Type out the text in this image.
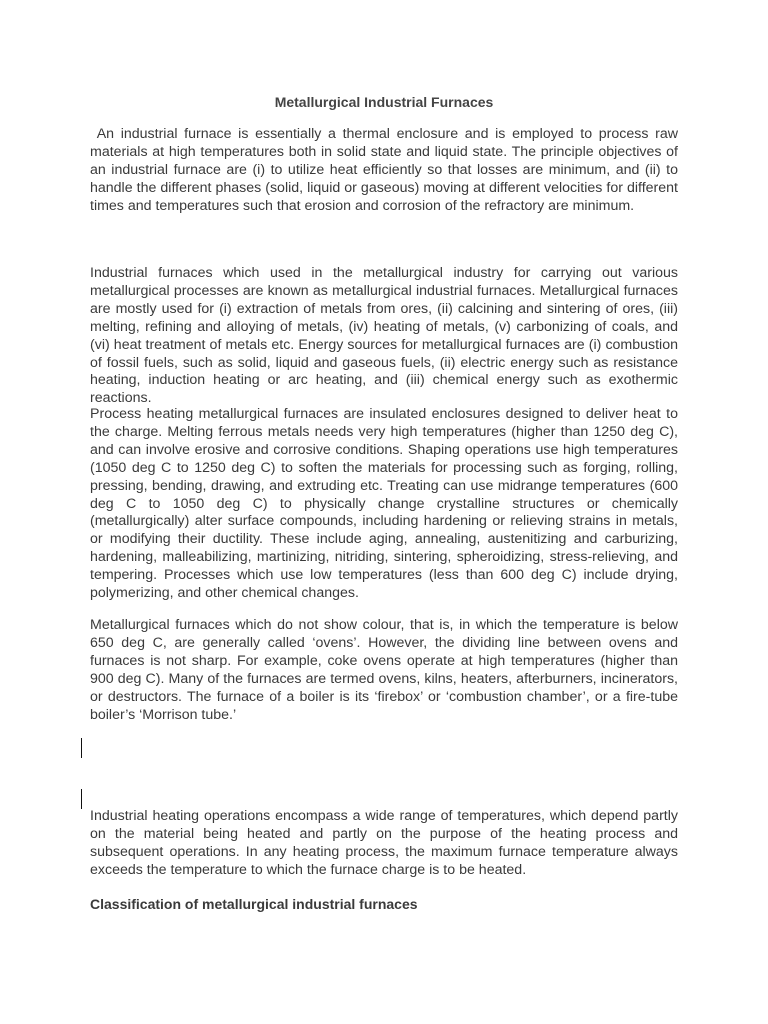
Metallurgical Industrial Furnaces

An industrial furnace is essentially a thermal enclosure and is employed to process raw materials at high temperatures both in solid state and liquid state. The principle objectives of an industrial furnace are (i) to utilize heat efficiently so that losses are minimum, and (ii) to handle the different phases (solid, liquid or gaseous) moving at different velocities for different times and temperatures such that erosion and corrosion of the refractory are minimum.

Industrial furnaces which used in the metallurgical industry for carrying out various metallurgical processes are known as metallurgical industrial furnaces. Metallurgical furnaces are mostly used for (i) extraction of metals from ores, (ii) calcining and sintering of ores, (iii) melting, refining and alloying of metals, (iv) heating of metals, (v) carbonizing of coals, and (vi) heat treatment of metals etc. Energy sources for metallurgical furnaces are (i) combustion of fossil fuels, such as solid, liquid and gaseous fuels, (ii) electric energy such as resistance heating, induction heating or arc heating, and (iii) chemical energy such as exothermic reactions.

Process heating metallurgical furnaces are insulated enclosures designed to deliver heat to the charge. Melting ferrous metals needs very high temperatures (higher than 1250 deg C), and can involve erosive and corrosive conditions. Shaping operations use high temperatures (1050 deg C to 1250 deg C) to soften the materials for processing such as forging, rolling, pressing, bending, drawing, and extruding etc. Treating can use midrange temperatures (600 deg C to 1050 deg C) to physically change crystalline structures or chemically (metallurgically) alter surface compounds, including hardening or relieving strains in metals, or modifying their ductility. These include aging, annealing, austenitizing and carburizing, hardening, malleabilizing, martinizing, nitriding, sintering, spheroidizing, stress-relieving, and tempering. Processes which use low temperatures (less than 600 deg C) include drying, polymerizing, and other chemical changes.

Metallurgical furnaces which do not show colour, that is, in which the temperature is below 650 deg C, are generally called ‘ovens’. However, the dividing line between ovens and furnaces is not sharp. For example, coke ovens operate at high temperatures (higher than 900 deg C). Many of the furnaces are termed ovens, kilns, heaters, afterburners, incinerators, or destructors. The furnace of a boiler is its ‘firebox’ or ‘combustion chamber’, or a fire-tube boiler’s ‘Morrison tube.’

Industrial heating operations encompass a wide range of temperatures, which depend partly on the material being heated and partly on the purpose of the heating process and subsequent operations. In any heating process, the maximum furnace temperature always exceeds the temperature to which the furnace charge is to be heated.

Classification of metallurgical industrial furnaces
